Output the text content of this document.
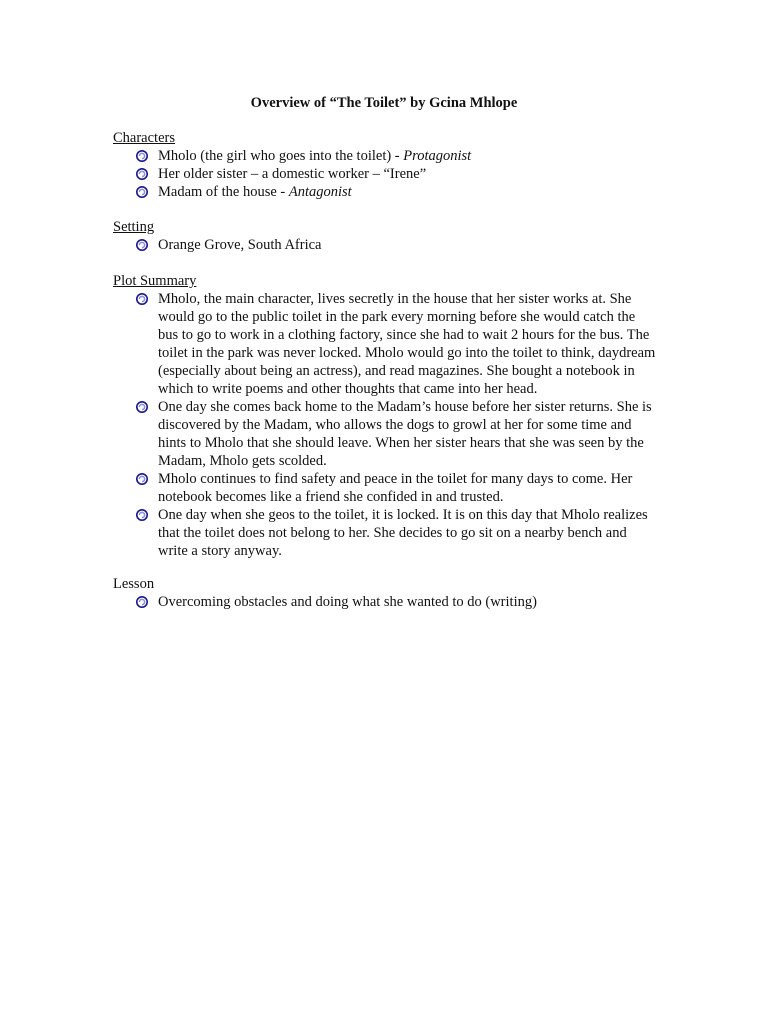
Overview of “The Toilet” by Gcina Mhlope

Characters

Mholo (the girl who goes into the toilet) - Protagonist
Her older sister – a domestic worker – “Irene”
Madam of the house - Antagonist

Setting

Orange Grove, South Africa

Plot Summary

Mholo, the main character, lives secretly in the house that her sister works at. She would go to the public toilet in the park every morning before she would catch the bus to go to work in a clothing factory, since she had to wait 2 hours for the bus. The toilet in the park was never locked. Mholo would go into the toilet to think, daydream (especially about being an actress), and read magazines. She bought a notebook in which to write poems and other thoughts that came into her head.
One day she comes back home to the Madam’s house before her sister returns. She is discovered by the Madam, who allows the dogs to growl at her for some time and hints to Mholo that she should leave. When her sister hears that she was seen by the Madam, Mholo gets scolded.
Mholo continues to find safety and peace in the toilet for many days to come. Her notebook becomes like a friend she confided in and trusted.
One day when she geos to the toilet, it is locked. It is on this day that Mholo realizes that the toilet does not belong to her. She decides to go sit on a nearby bench and write a story anyway.

Lesson

Overcoming obstacles and doing what she wanted to do (writing)
